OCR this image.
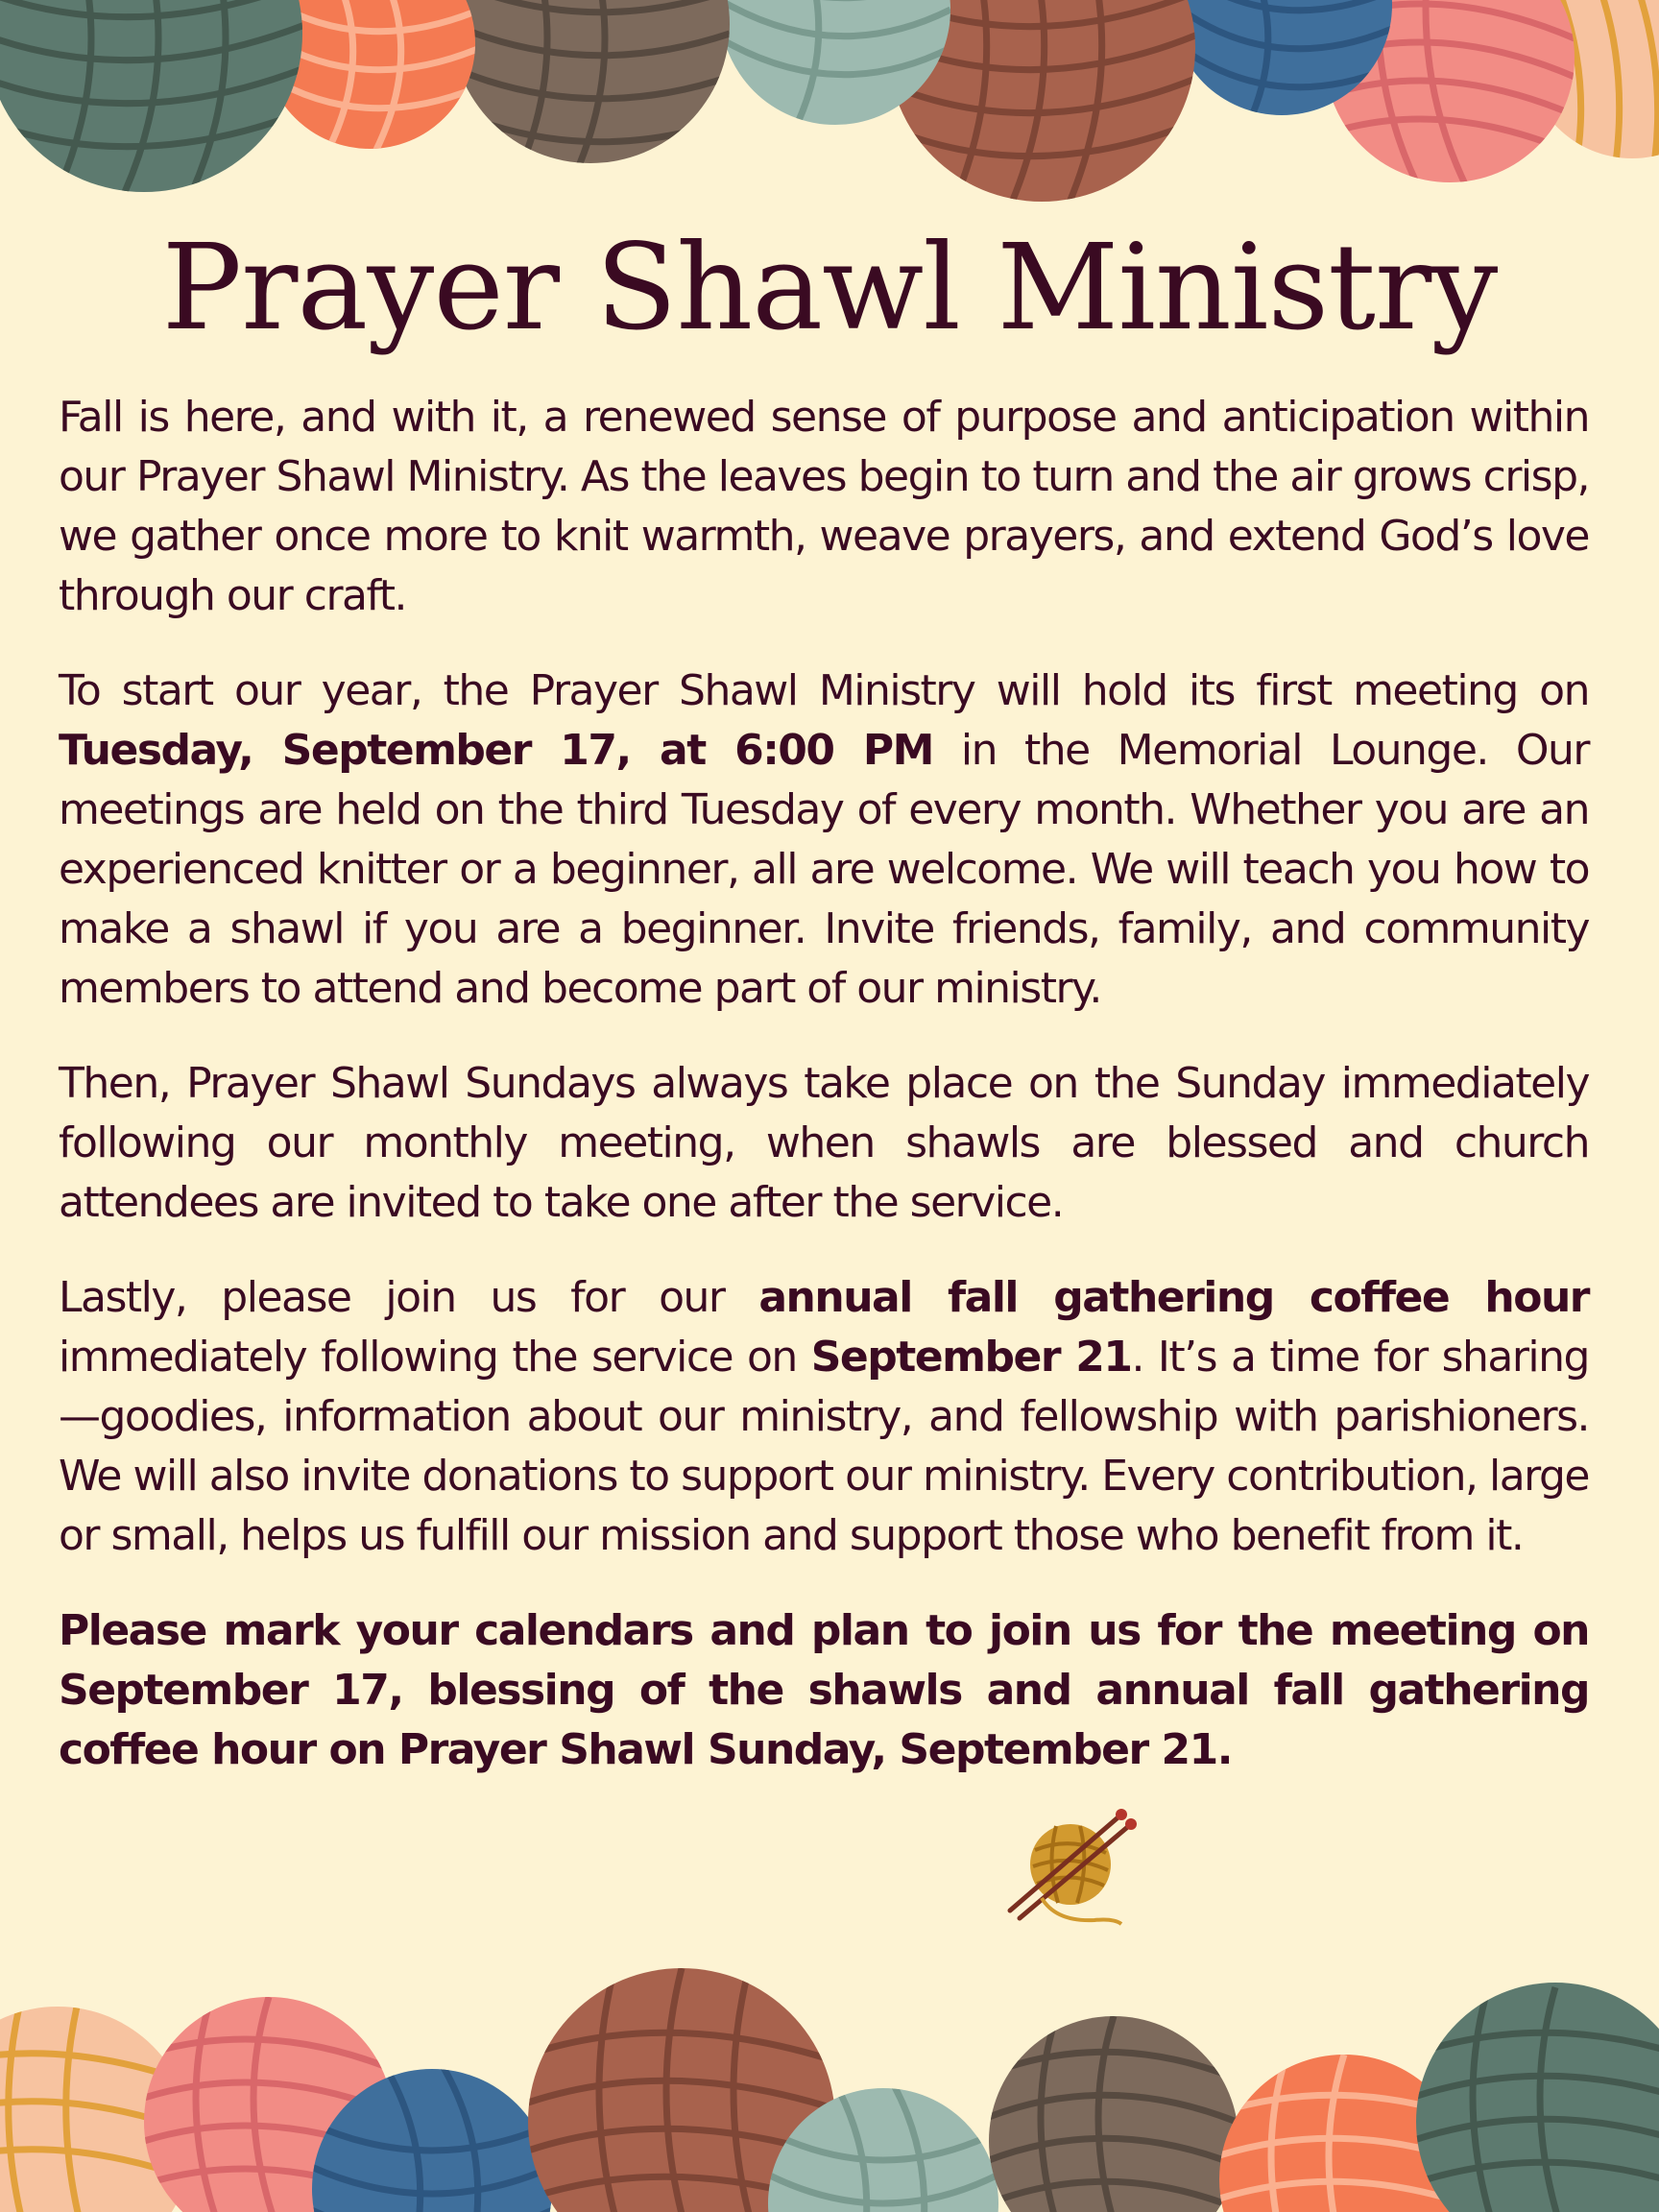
Prayer Shawl Ministry

Fall is here, and with it, a renewed sense of purpose and anticipation within our Prayer Shawl Ministry. As the leaves begin to turn and the air grows crisp, we gather once more to knit warmth, weave prayers, and extend God’s love through our craft.

To start our year, the Prayer Shawl Ministry will hold its first meeting on Tuesday, September 17, at 6:00 PM in the Memorial Lounge. Our meetings are held on the third Tuesday of every month. Whether you are an experienced knitter or a beginner, all are welcome. We will teach you how to make a shawl if you are a beginner. Invite friends, family, and community members to attend and become part of our ministry.

Then, Prayer Shawl Sundays always take place on the Sunday immediately following our monthly meeting, when shawls are blessed and church attendees are invited to take one after the service.

Lastly, please join us for our annual fall gathering coffee hour immediately following the service on September 21. It’s a time for sharing—goodies, information about our ministry, and fellowship with parishioners. We will also invite donations to support our ministry. Every contribution, large or small, helps us fulfill our mission and support those who benefit from it.

Please mark your calendars and plan to join us for the meeting on September 17, blessing of the shawls and annual fall gathering coffee hour on Prayer Shawl Sunday, September 21.
